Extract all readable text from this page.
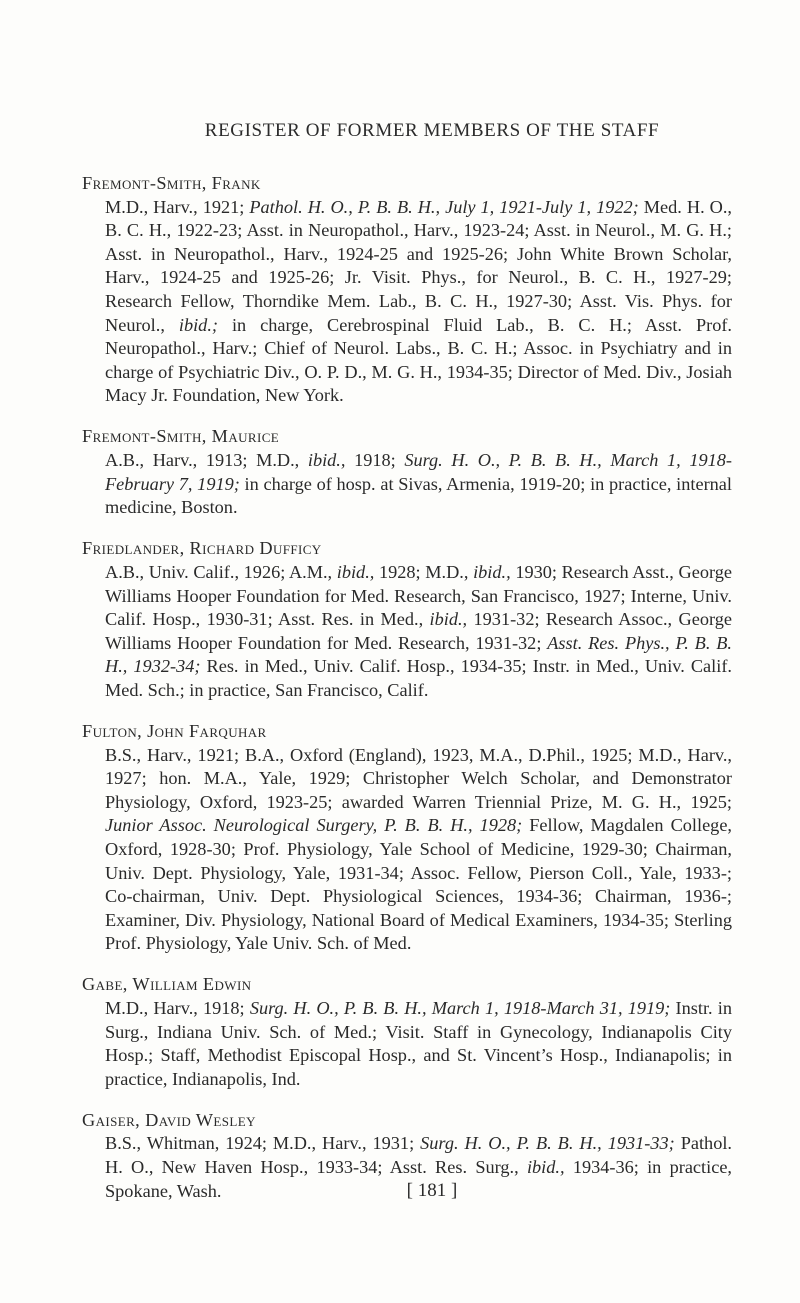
REGISTER OF FORMER MEMBERS OF THE STAFF

Fremont-Smith, Frank

M.D., Harv., 1921; Pathol. H. O., P. B. B. H., July 1, 1921-July 1, 1922; Med. H. O., B. C. H., 1922-23; Asst. in Neuropathol., Harv., 1923-24; Asst. in Neurol., M. G. H.; Asst. in Neuropathol., Harv., 1924-25 and 1925-26; John White Brown Scholar, Harv., 1924-25 and 1925-26; Jr. Visit. Phys., for Neurol., B. C. H., 1927-29; Research Fellow, Thorndike Mem. Lab., B. C. H., 1927-30; Asst. Vis. Phys. for Neurol., ibid.; in charge, Cerebrospinal Fluid Lab., B. C. H.; Asst. Prof. Neuropathol., Harv.; Chief of Neurol. Labs., B. C. H.; Assoc. in Psychiatry and in charge of Psychiatric Div., O. P. D., M. G. H., 1934-35; Director of Med. Div., Josiah Macy Jr. Foundation, New York.

Fremont-Smith, Maurice

A.B., Harv., 1913; M.D., ibid., 1918; Surg. H. O., P. B. B. H., March 1, 1918-February 7, 1919; in charge of hosp. at Sivas, Armenia, 1919-20; in practice, internal medicine, Boston.

Friedlander, Richard Dufficy

A.B., Univ. Calif., 1926; A.M., ibid., 1928; M.D., ibid., 1930; Research Asst., George Williams Hooper Foundation for Med. Research, San Francisco, 1927; Interne, Univ. Calif. Hosp., 1930-31; Asst. Res. in Med., ibid., 1931-32; Research Assoc., George Williams Hooper Foundation for Med. Research, 1931-32; Asst. Res. Phys., P. B. B. H., 1932-34; Res. in Med., Univ. Calif. Hosp., 1934-35; Instr. in Med., Univ. Calif. Med. Sch.; in practice, San Francisco, Calif.

Fulton, John Farquhar

B.S., Harv., 1921; B.A., Oxford (England), 1923, M.A., D.Phil., 1925; M.D., Harv., 1927; hon. M.A., Yale, 1929; Christopher Welch Scholar, and Demonstrator Physiology, Oxford, 1923-25; awarded Warren Triennial Prize, M. G. H., 1925; Junior Assoc. Neurological Surgery, P. B. B. H., 1928; Fellow, Magdalen College, Oxford, 1928-30; Prof. Physiology, Yale School of Medicine, 1929-30; Chairman, Univ. Dept. Physiology, Yale, 1931-34; Assoc. Fellow, Pierson Coll., Yale, 1933-; Co-chairman, Univ. Dept. Physiological Sciences, 1934-36; Chairman, 1936-; Examiner, Div. Physiology, National Board of Medical Examiners, 1934-35; Sterling Prof. Physiology, Yale Univ. Sch. of Med.

Gabe, William Edwin

M.D., Harv., 1918; Surg. H. O., P. B. B. H., March 1, 1918-March 31, 1919; Instr. in Surg., Indiana Univ. Sch. of Med.; Visit. Staff in Gynecology, Indianapolis City Hosp.; Staff, Methodist Episcopal Hosp., and St. Vincent’s Hosp., Indianapolis; in practice, Indianapolis, Ind.

Gaiser, David Wesley

B.S., Whitman, 1924; M.D., Harv., 1931; Surg. H. O., P. B. B. H., 1931-33; Pathol. H. O., New Haven Hosp., 1933-34; Asst. Res. Surg., ibid., 1934-36; in practice, Spokane, Wash.	[ 181 ]
